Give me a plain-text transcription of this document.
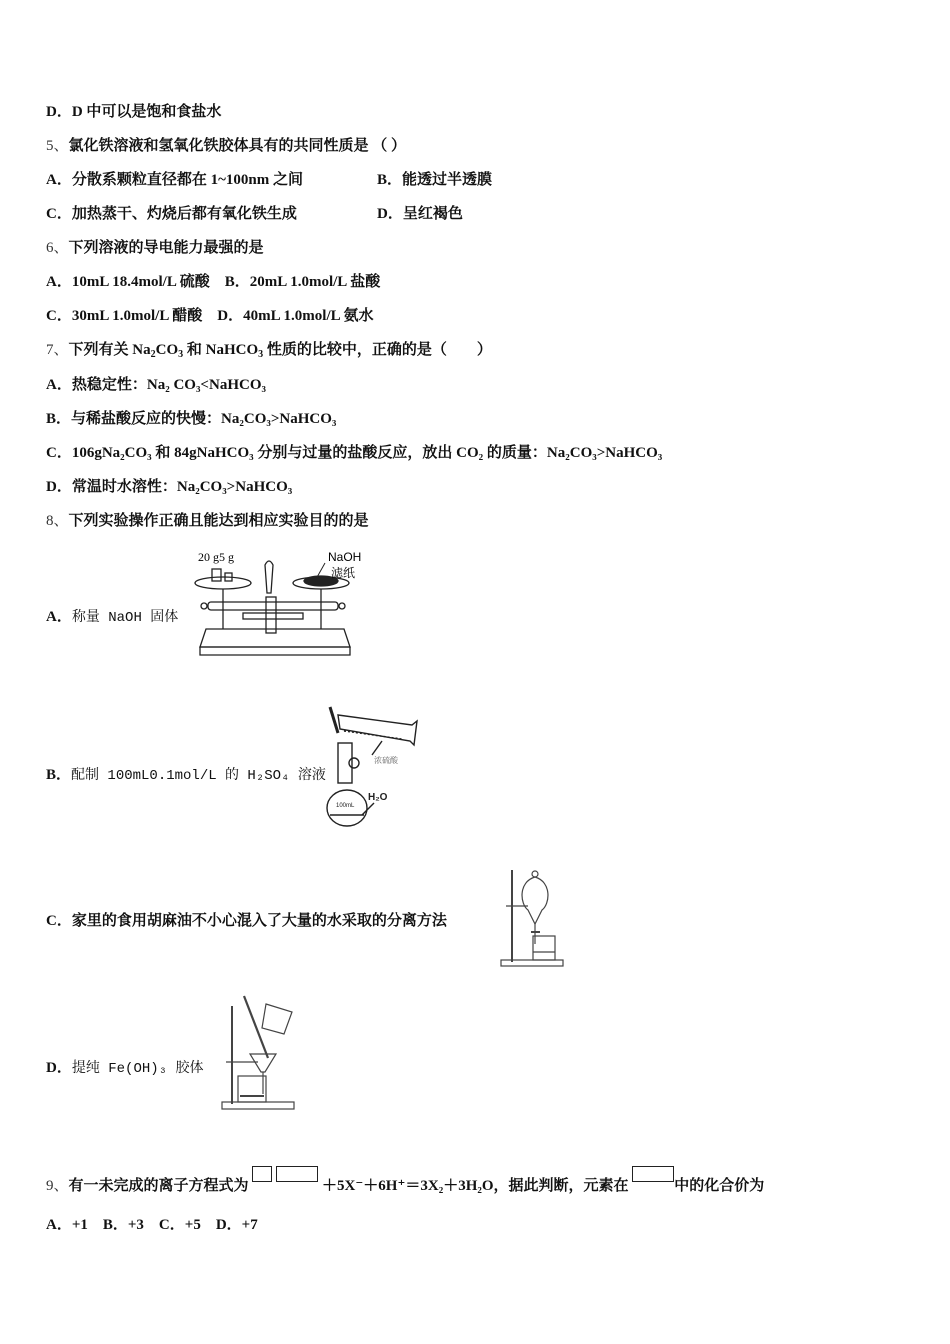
D．D 中可以是饱和食盐水
5、氯化铁溶液和氢氧化铁胶体具有的共同性质是 （ ）
A．分散系颗粒直径都在 1~100nm 之间	B．能透过半透膜
C．加热蒸干、灼烧后都有氧化铁生成	D．呈红褐色
6、下列溶液的导电能力最强的是
A．10mL 18.4mol/L 硫酸 B．20mL 1.0mol/L 盐酸
C．30mL 1.0mol/L 醋酸 D．40mL 1.0mol/L 氨水
7、下列有关 $Na_2CO_3$ 和 NaHCO$_3$ 性质的比较中，正确的是（　　）
A．热稳定性：Na₂ CO₃<NaHCO₃
B．与稀盐酸反应的快慢：Na₂CO₃>NaHCO₃
C．106gNa₂CO₃ 和 84gNaHCO₃ 分别与过量的盐酸反应，放出 CO₂ 的质量：Na₂CO₃>NaHCO₃
D．常温时水溶性：Na₂CO₃>NaHCO₃
8、下列实验操作正确且能达到相应实验目的的是
A．称量 NaOH 固体
20 g5 g	NaOH
滤纸
B．配制 100mL0.1mol/L 的 H₂SO₄ 溶液
100mL
浓硫酸
H₂O
C．家里的食用胡麻油不小心混入了大量的水采取的分离方法
D．提纯 Fe(OH)₃ 胶体
9、有一未完成的离子方程式为	＋5X⁻＋6H⁺＝3X₂＋3H₂O，据此判断，元素在	中的化合价为
A．+1　B．+3　C．+5　D．+7
